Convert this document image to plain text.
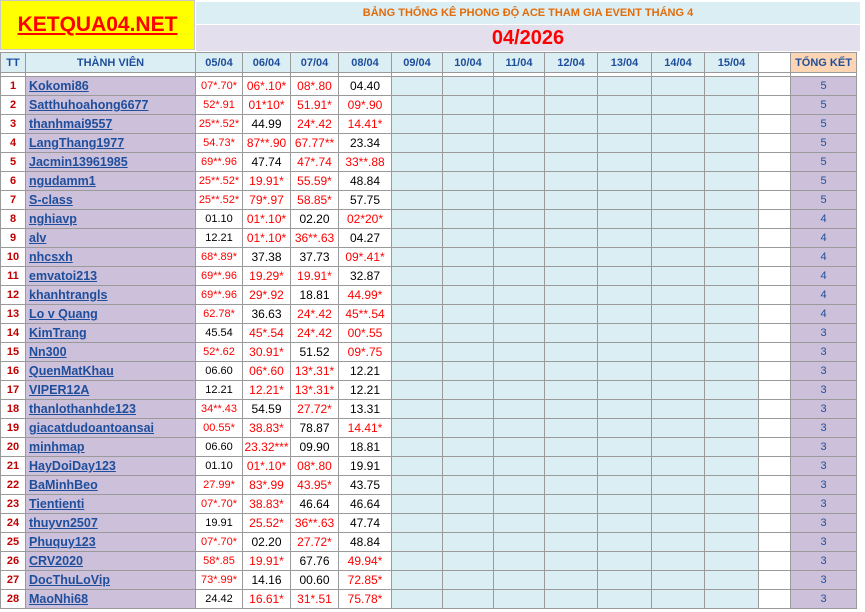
KETQUA04.NET	BẢNG THỐNG KÊ PHONG ĐỘ ACE THAM GIA EVENT THÁNG 4
04/2026
TT	THÀNH VIÊN	05/04	06/04	07/04	08/04	09/04	10/04	11/04	12/04	13/04	14/04	15/04		TỔNG KẾT

1	Kokomi86	07*.70*	06*.10*	08*.80	04.40									5
2	Satthuhoahong6677	52*.91	01*10*	51.91*	09*.90									5
3	thanhmai9557	25**.52*	44.99	24*.42	14.41*									5
4	LangThang1977	54.73*	87**.90	67.77**	23.34									5
5	Jacmin13961985	69**.96	47.74	47*.74	33**.88									5
6	ngudamm1	25**.52*	19.91*	55.59*	48.84									5
7	S-class	25**.52*	79*.97	58.85*	57.75									5
8	nghiavp	01.10	01*.10*	02.20	02*20*									4
9	alv	12.21	01*.10*	36**.63	04.27									4
10	nhcsxh	68*.89*	37.38	37.73	09*.41*									4
11	emvatoi213	69**.96	19.29*	19.91*	32.87									4
12	khanhtrangls	69**.96	29*.92	18.81	44.99*									4
13	Lo v Quang	62.78*	36.63	24*.42	45**.54									4
14	KimTrang	45.54	45*.54	24*.42	00*.55									3
15	Nn300	52*.62	30.91*	51.52	09*.75									3
16	QuenMatKhau	06.60	06*.60	13*.31*	12.21									3
17	VIPER12A	12.21	12.21*	13*.31*	12.21									3
18	thanlothanhde123	34**.43	54.59	27.72*	13.31									3
19	giacatdudoantoansai	00.55*	38.83*	78.87	14.41*									3
20	minhmap	06.60	23.32***	09.90	18.81									3
21	HayDoiDay123	01.10	01*.10*	08*.80	19.91									3
22	BaMinhBeo	27.99*	83*.99	43.95*	43.75									3
23	Tientienti	07*.70*	38.83*	46.64	46.64									3
24	thuyvn2507	19.91	25.52*	36**.63	47.74									3
25	Phuquy123	07*.70*	02.20	27.72*	48.84									3
26	CRV2020	58*.85	19.91*	67.76	49.94*									3
27	DocThuLoVip	73*.99*	14.16	00.60	72.85*									3
28	MaoNhi68	24.42	16.61*	31*.51	75.78*									3
